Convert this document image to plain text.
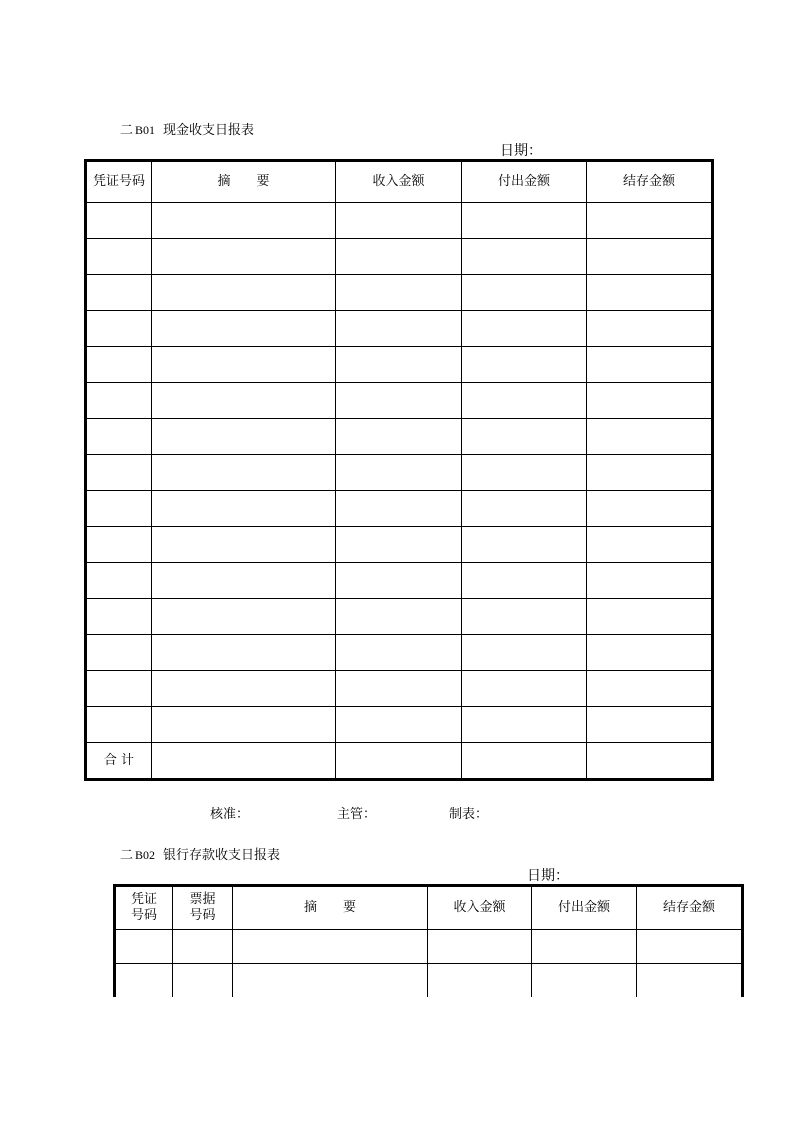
二 B01 现金收支日报表
日期：
凭证号码	摘　　要	收入金额	付出金额	结存金额

合 计				
核准：	主管：	制表：
二 B02 银行存款收支日报表
日期：
凭证号码	票据号码	摘　　要	收入金额	付出金额	结存金额
